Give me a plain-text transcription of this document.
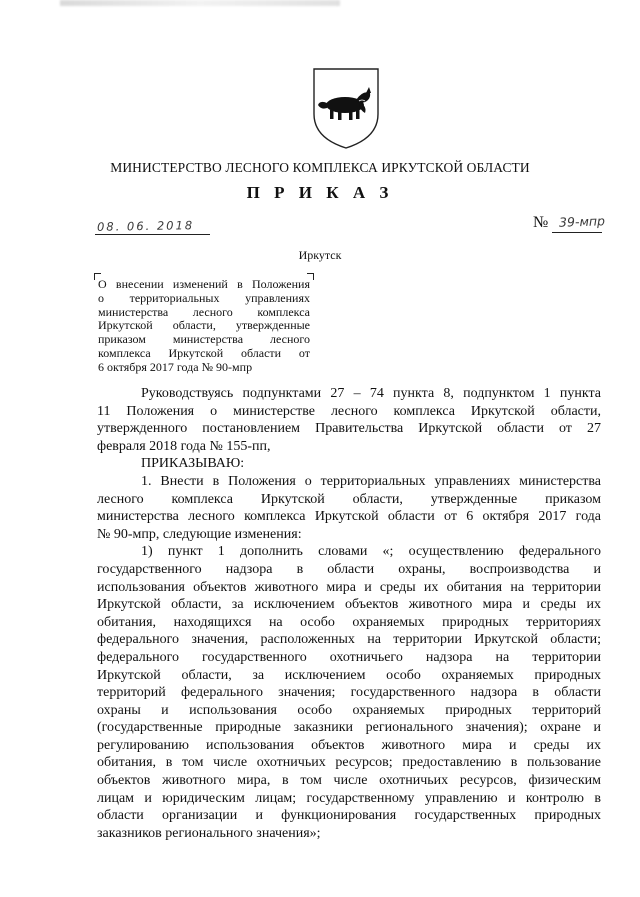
МИНИСТЕРСТВО ЛЕСНОГО КОМПЛЕКСА ИРКУТСКОЙ ОБЛАСТИ
П Р И К А З
08. 06. 2018	№ 39-мпр
Иркутск
О внесении изменений в Положения
о территориальных управлениях
министерства лесного комплекса
Иркутской области, утвержденные
приказом министерства лесного
комплекса Иркутской области от
6 октября 2017 года № 90-мпр
Руководствуясь подпунктами 27 – 74 пункта 8, подпунктом 1 пункта
11 Положения о министерстве лесного комплекса Иркутской области,
утвержденного постановлением Правительства Иркутской области от 27
февраля 2018 года № 155-пп,
ПРИКАЗЫВАЮ:
1. Внести в Положения о территориальных управлениях министерства
лесного комплекса Иркутской области, утвержденные приказом
министерства лесного комплекса Иркутской области от 6 октября 2017 года
№ 90-мпр, следующие изменения:
1) пункт 1 дополнить словами «; осуществлению федерального
государственного надзора в области охраны, воспроизводства и
использования объектов животного мира и среды их обитания на территории
Иркутской области, за исключением объектов животного мира и среды их
обитания, находящихся на особо охраняемых природных территориях
федерального значения, расположенных на территории Иркутской области;
федерального государственного охотничьего надзора на территории
Иркутской области, за исключением особо охраняемых природных
территорий федерального значения; государственного надзора в области
охраны и использования особо охраняемых природных территорий
(государственные природные заказники регионального значения); охране и
регулированию использования объектов животного мира и среды их
обитания, в том числе охотничьих ресурсов; предоставлению в пользование
объектов животного мира, в том числе охотничьих ресурсов, физическим
лицам и юридическим лицам; государственному управлению и контролю в
области организации и функционирования государственных природных
заказников регионального значения»;
